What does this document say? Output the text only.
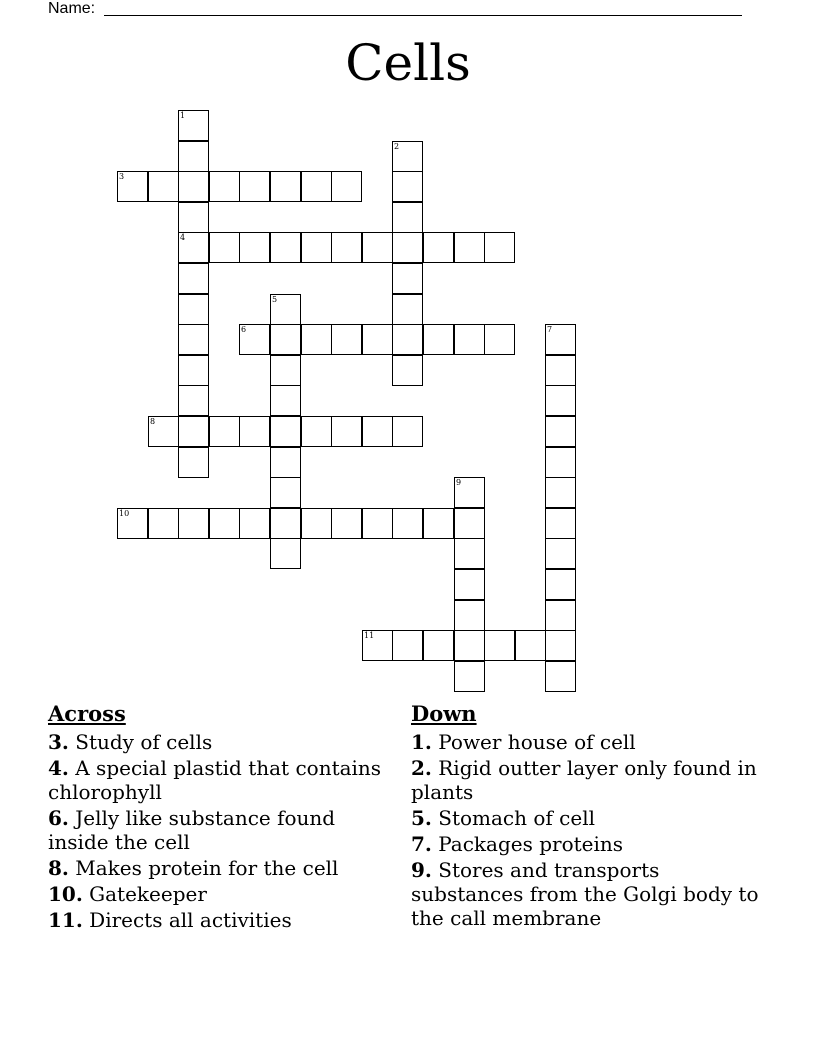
Name:
Cells
1
4
2
3
5
6	7
8
9
10
11
Across
3. Study of cells
4. A special plastid that contains chlorophyll
6. Jelly like substance found inside the cell
8. Makes protein for the cell
10. Gatekeeper
11. Directs all activities
Down
1. Power house of cell
2. Rigid outter layer only found in plants
5. Stomach of cell
7. Packages proteins
9. Stores and transports substances from the Golgi body to the call membrane
